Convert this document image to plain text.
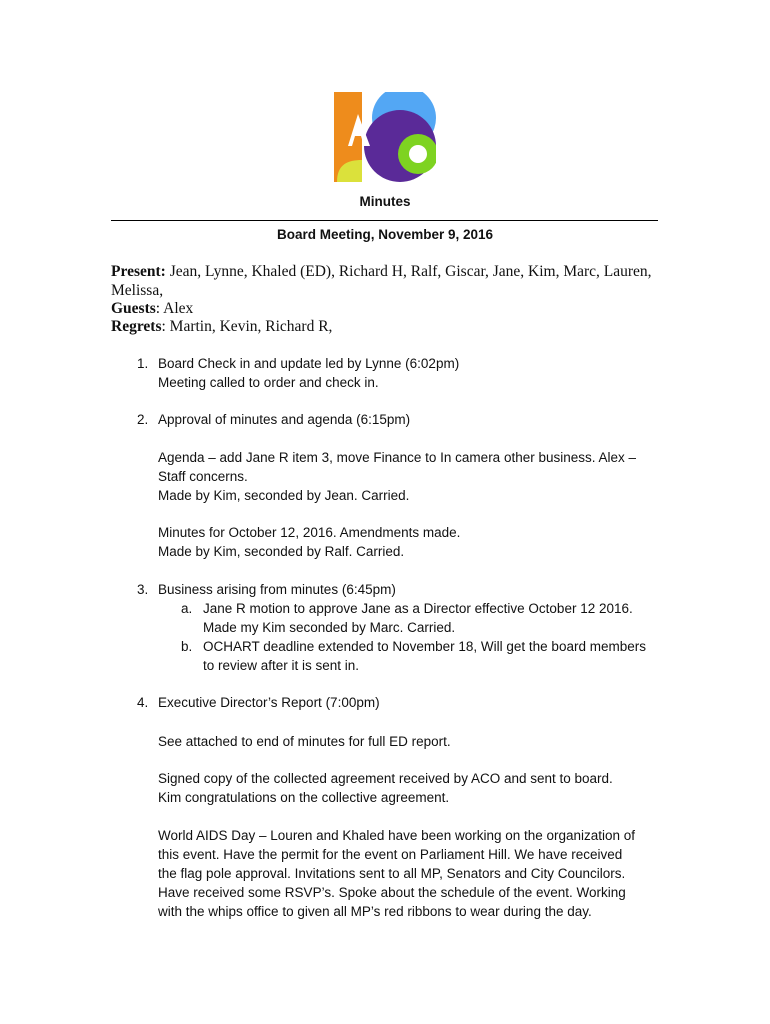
Minutes
Board Meeting, November 9, 2016
Present: Jean, Lynne, Khaled (ED), Richard H, Ralf, Giscar, Jane, Kim, Marc, Lauren,
Melissa,
Guests: Alex
Regrets: Martin, Kevin, Richard R,
1. Board Check in and update led by Lynne (6:02pm)
Meeting called to order and check in.
2. Approval of minutes and agenda (6:15pm)
Agenda – add Jane R item 3, move Finance to In camera other business. Alex –
Staff concerns.
Made by Kim, seconded by Jean. Carried.
Minutes for October 12, 2016. Amendments made.
Made by Kim, seconded by Ralf. Carried.
3. Business arising from minutes (6:45pm)
a. Jane R motion to approve Jane as a Director effective October 12 2016.
Made my Kim seconded by Marc. Carried.
b. OCHART deadline extended to November 18, Will get the board members
to review after it is sent in.
4. Executive Director’s Report (7:00pm)
See attached to end of minutes for full ED report.
Signed copy of the collected agreement received by ACO and sent to board.
Kim congratulations on the collective agreement.
World AIDS Day – Louren and Khaled have been working on the organization of
this event. Have the permit for the event on Parliament Hill. We have received
the flag pole approval. Invitations sent to all MP, Senators and City Councilors.
Have received some RSVP’s. Spoke about the schedule of the event. Working
with the whips office to given all MP’s red ribbons to wear during the day.
